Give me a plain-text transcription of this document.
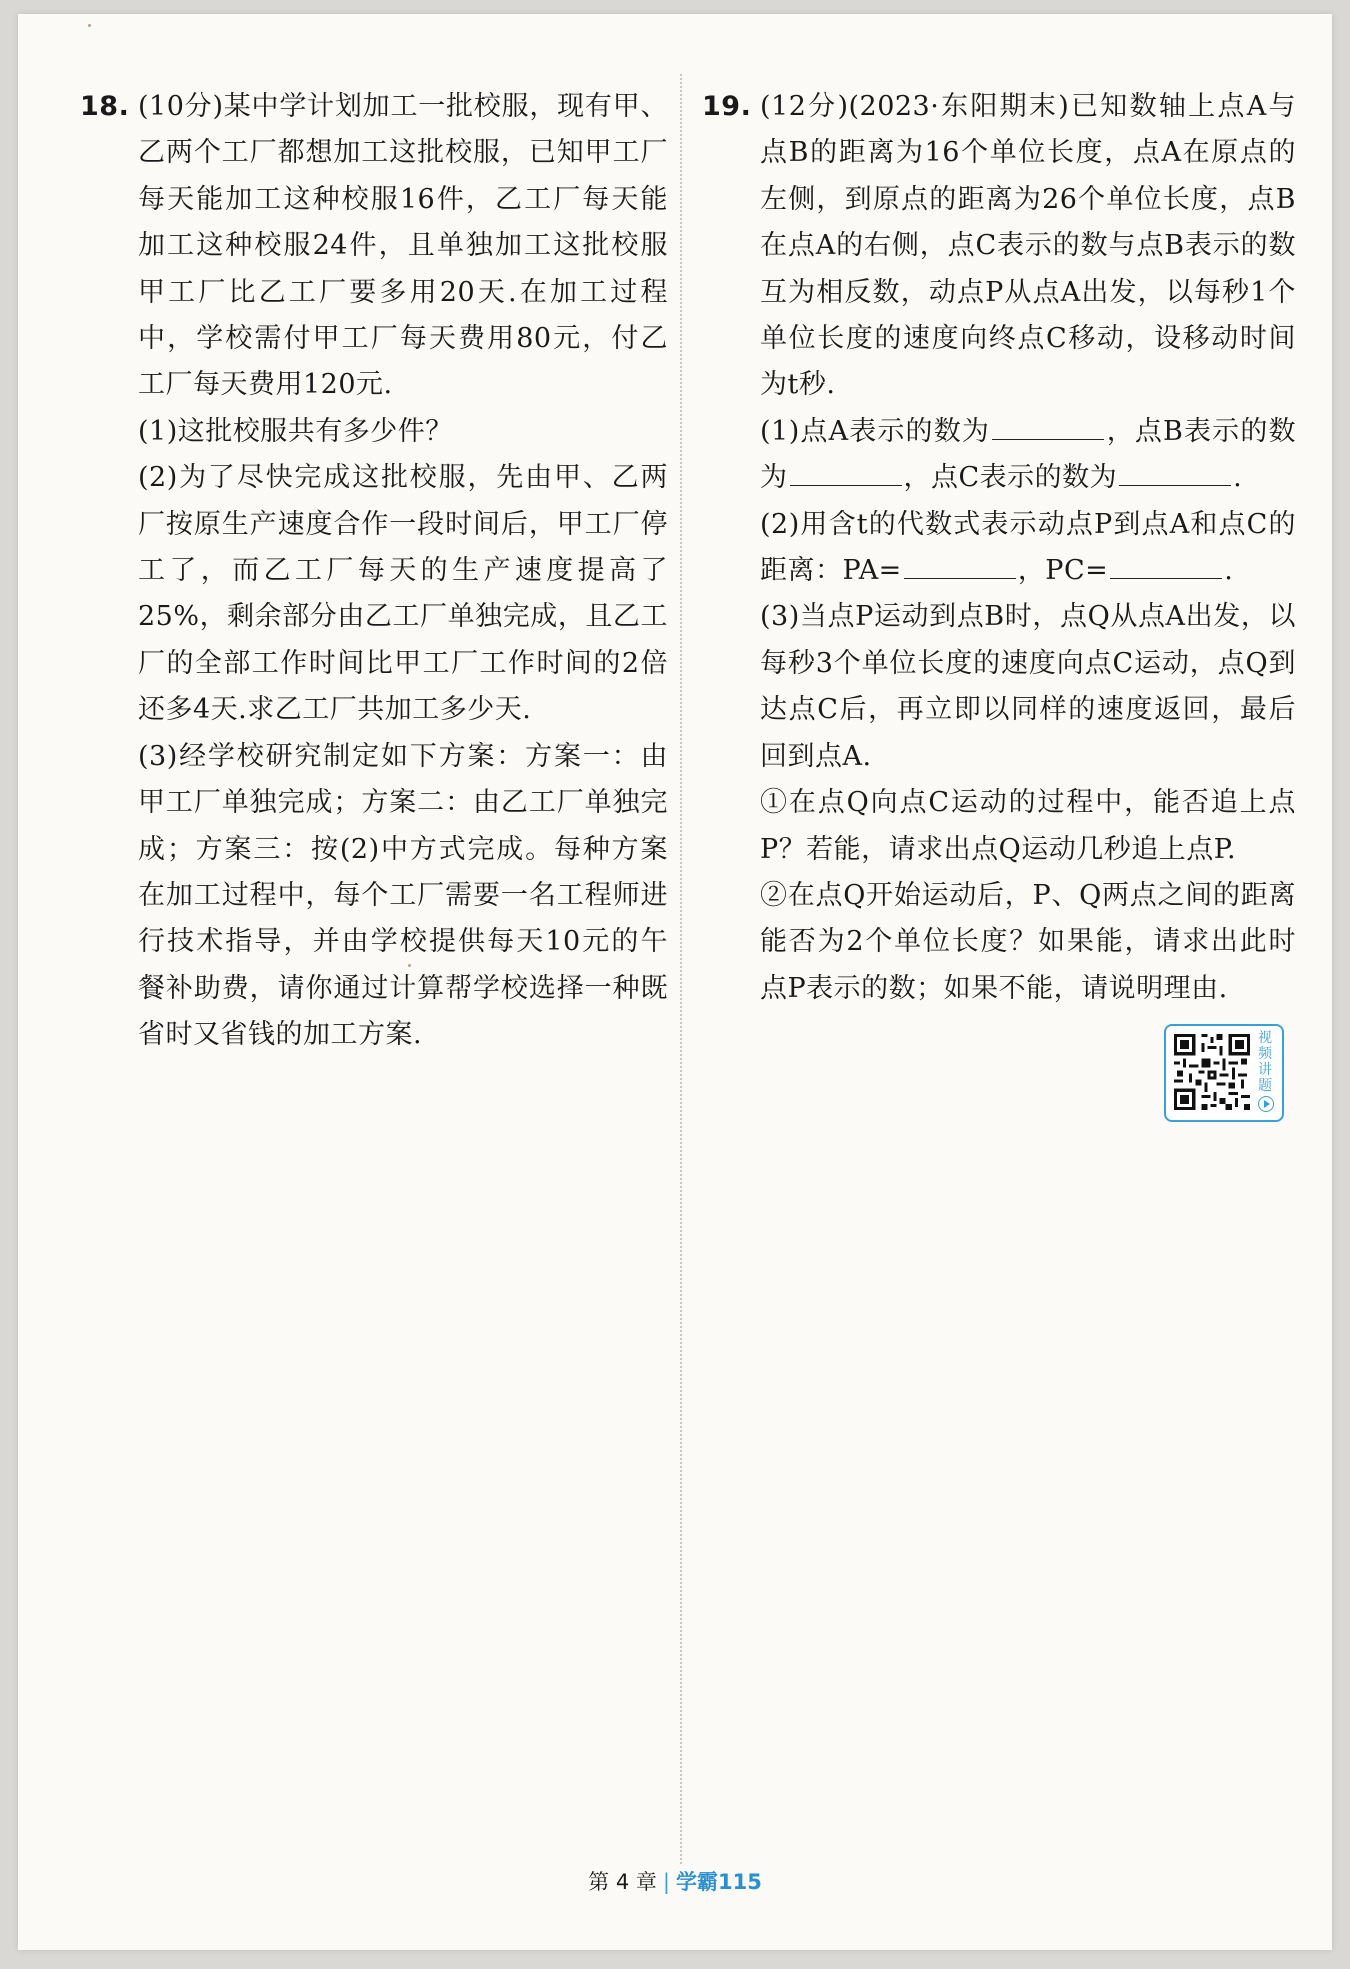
18. (10分)某中学计划加工一批校服，现有甲、乙两个工厂都想加工这批校服，已知甲工厂每天能加工这种校服16件，乙工厂每天能加工这种校服24件，且单独加工这批校服甲工厂比乙工厂要多用20天.在加工过程中，学校需付甲工厂每天费用80元，付乙工厂每天费用120元.

(1)这批校服共有多少件？

(2)为了尽快完成这批校服，先由甲、乙两厂按原生产速度合作一段时间后，甲工厂停工了，而乙工厂每天的生产速度提高了25%，剩余部分由乙工厂单独完成，且乙工厂的全部工作时间比甲工厂工作时间的2倍还多4天.求乙工厂共加工多少天.

(3)经学校研究制定如下方案：方案一：由甲工厂单独完成；方案二：由乙工厂单独完成；方案三：按(2)中方式完成。每种方案在加工过程中，每个工厂需要一名工程师进行技术指导，并由学校提供每天10元的午餐补助费，请你通过计算帮学校选择一种既省时又省钱的加工方案.

19. (12分)(2023·东阳期末)已知数轴上点A与点B的距离为16个单位长度，点A在原点的左侧，到原点的距离为26个单位长度，点B在点A的右侧，点C表示的数与点B表示的数互为相反数，动点P从点A出发，以每秒1个单位长度的速度向终点C移动，设移动时间为t秒.

(1)点A表示的数为	，点B表示的数为	，点C表示的数为	.

(2)用含t的代数式表示动点P到点A和点C的距离：PA=	，PC=	.

(3)当点P运动到点B时，点Q从点A出发，以每秒3个单位长度的速度向点C运动，点Q到达点C后，再立即以同样的速度返回，最后回到点A.

①在点Q向点C运动的过程中，能否追上点P？若能，请求出点Q运动几秒追上点P.

②在点Q开始运动后，P、Q两点之间的距离能否为2个单位长度？如果能，请求出此时点P表示的数；如果不能，请说明理由.

视频讲题
第 4 章 | 学霸115
